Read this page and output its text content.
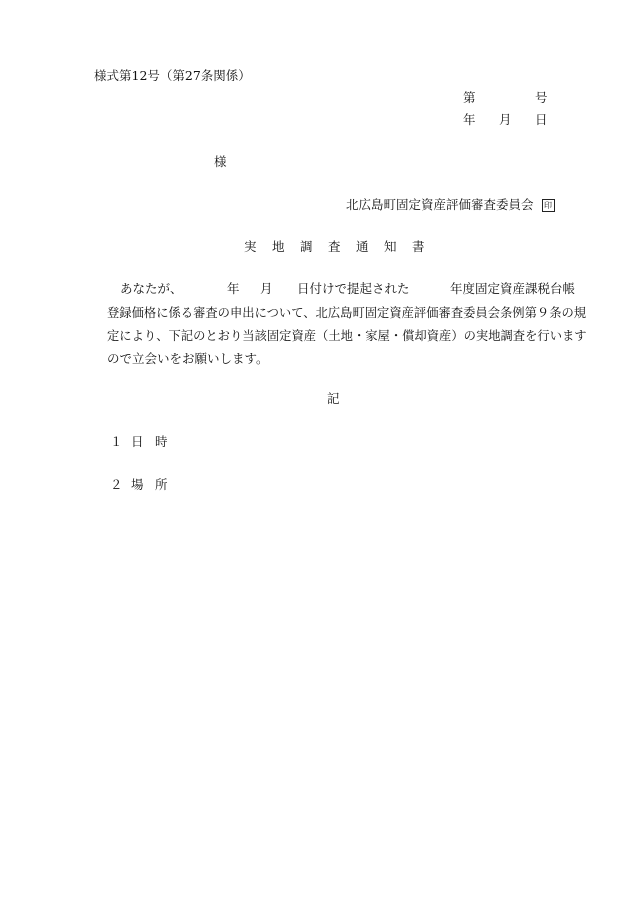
様式第12号（第27条関係）
第	号
年 月 日
様
北広島町固定資産評価審査委員会 印
実 地 調 査 通 知 書
あなたが、	年 月 日付けで提起された	年度固定資産課税台帳
登録価格に係る審査の申出について、北広島町固定資産評価審査委員会条例第９条の規
定により、下記のとおり当該固定資産（土地・家屋・償却資産）の実地調査を行います
ので立会いをお願いします。
記
１ 日 時
２ 場 所
